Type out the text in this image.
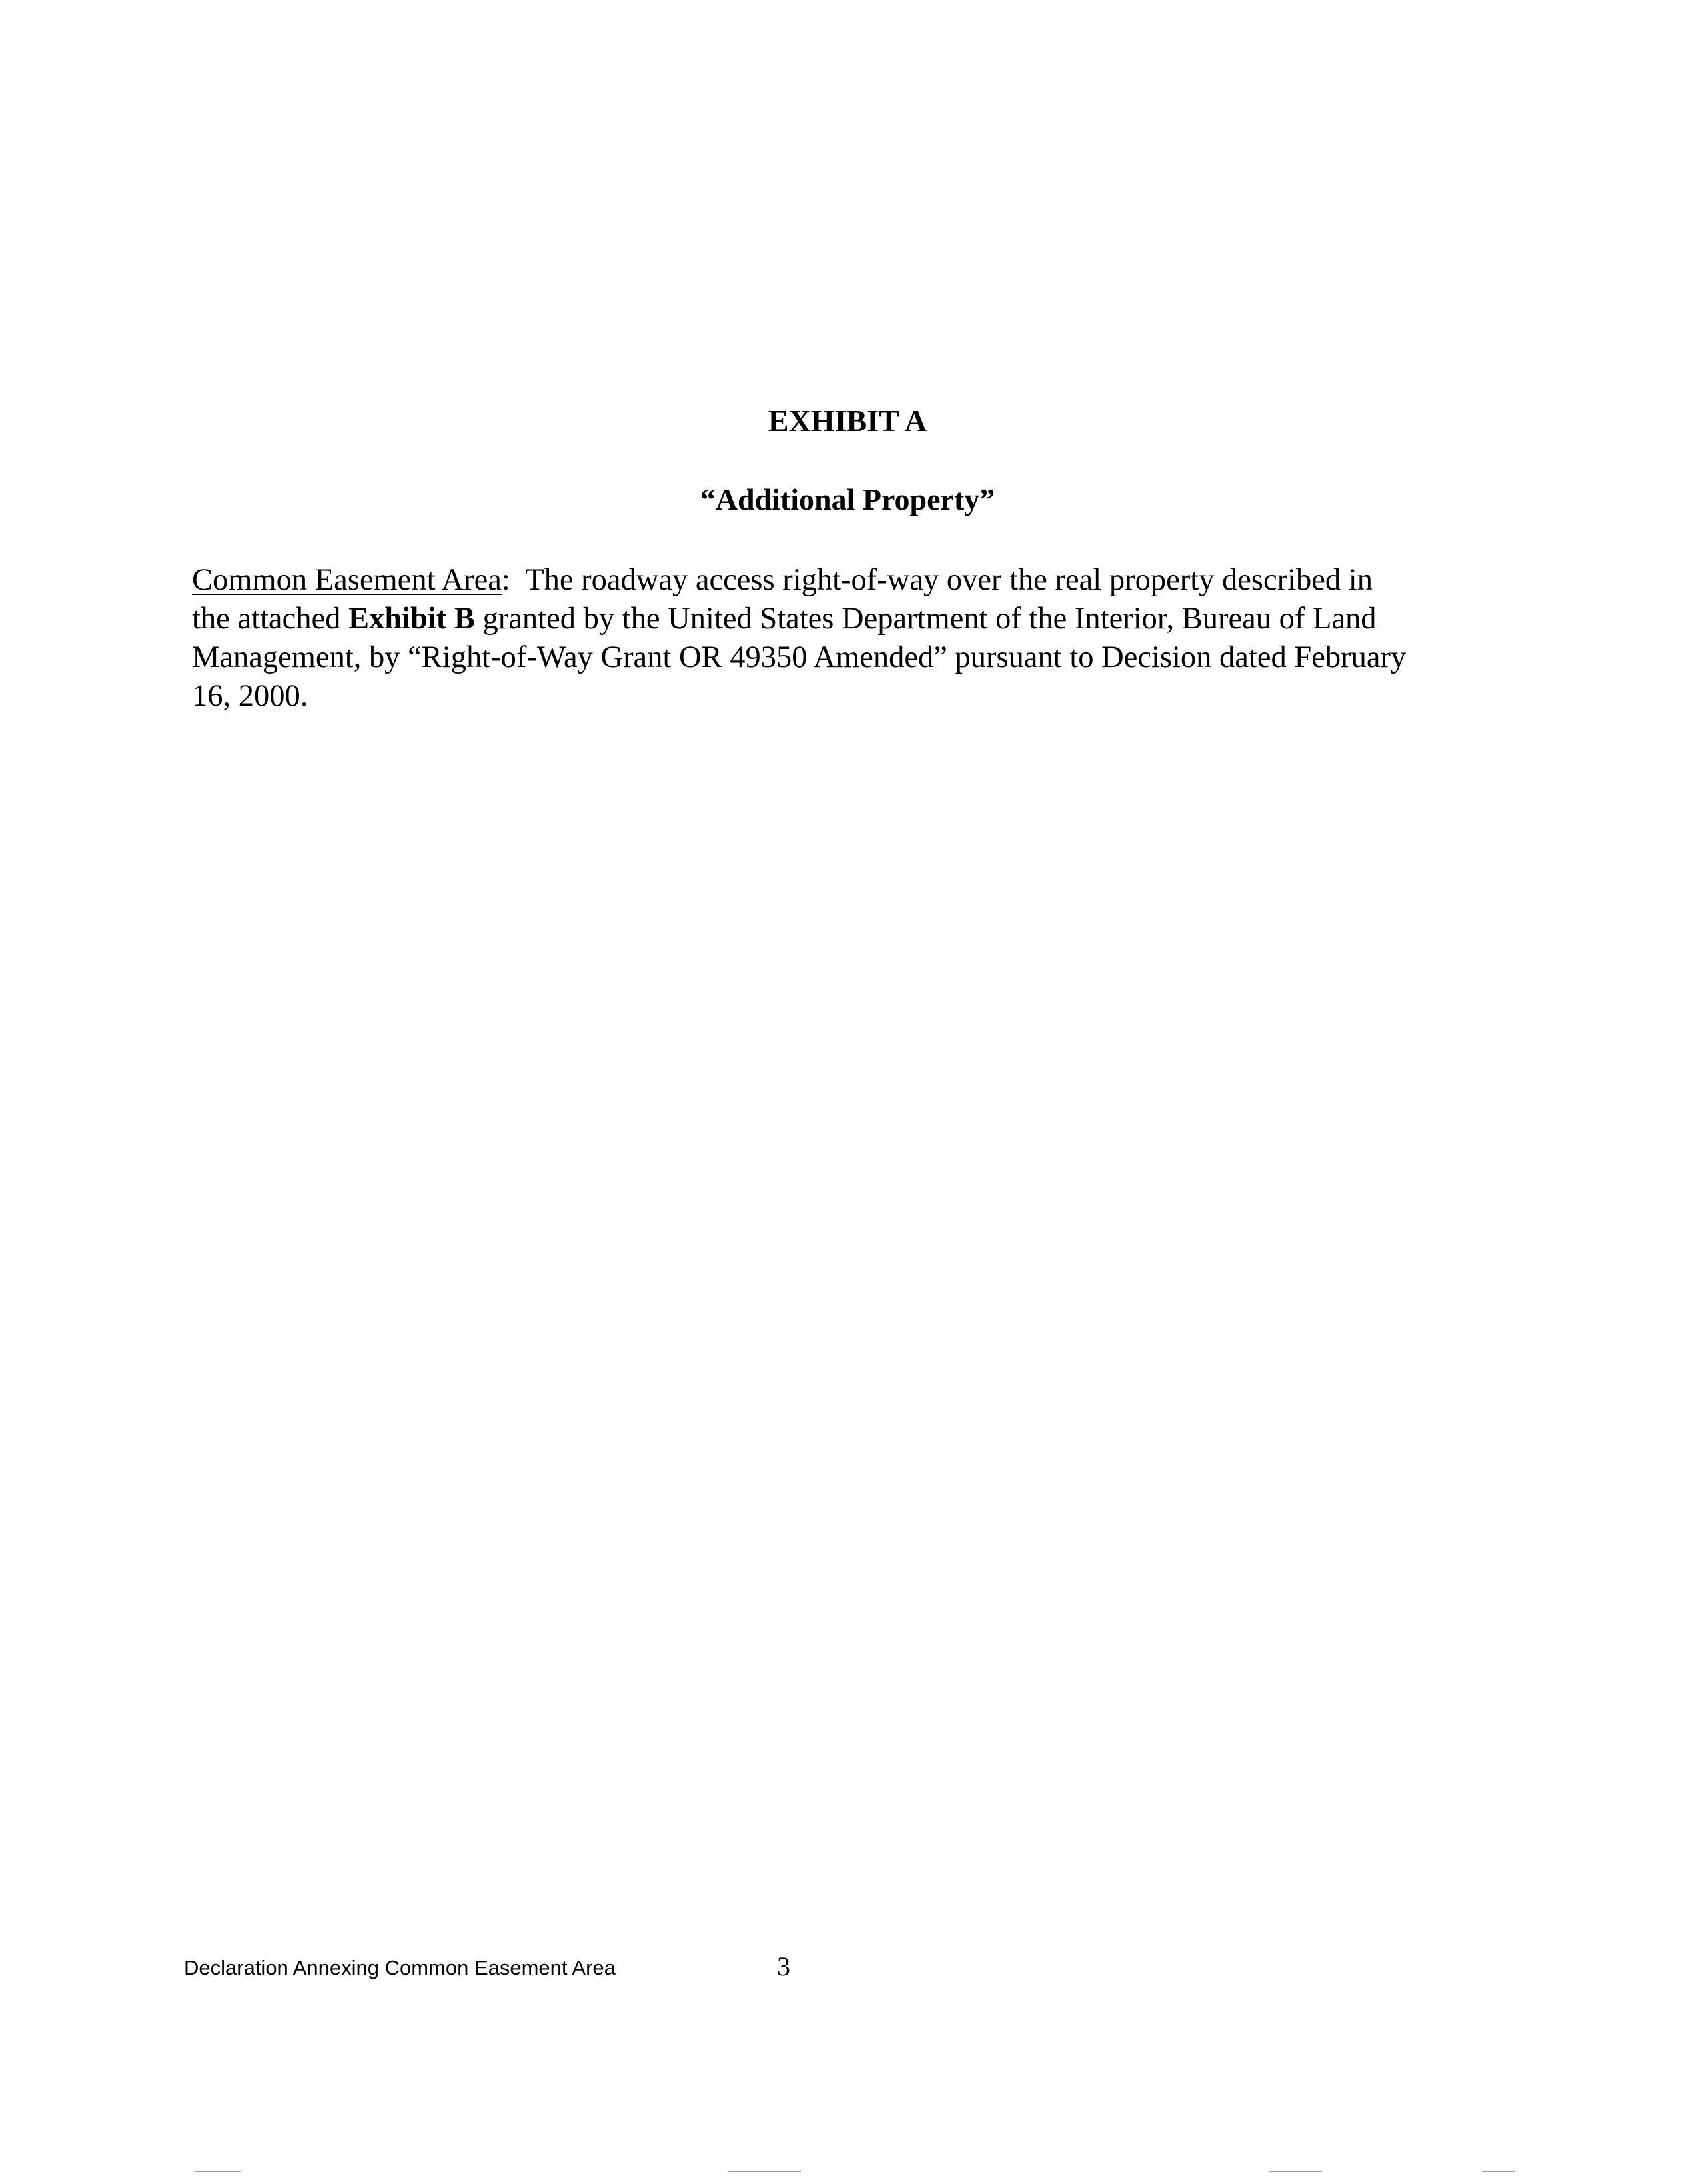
EXHIBIT A
“Additional Property”

Common Easement Area:  The roadway access right-of-way over the real property described in
the attached Exhibit B granted by the United States Department of the Interior, Bureau of Land
Management, by “Right-of-Way Grant OR 49350 Amended” pursuant to Decision dated February
16, 2000.

Declaration Annexing Common Easement Area	3
